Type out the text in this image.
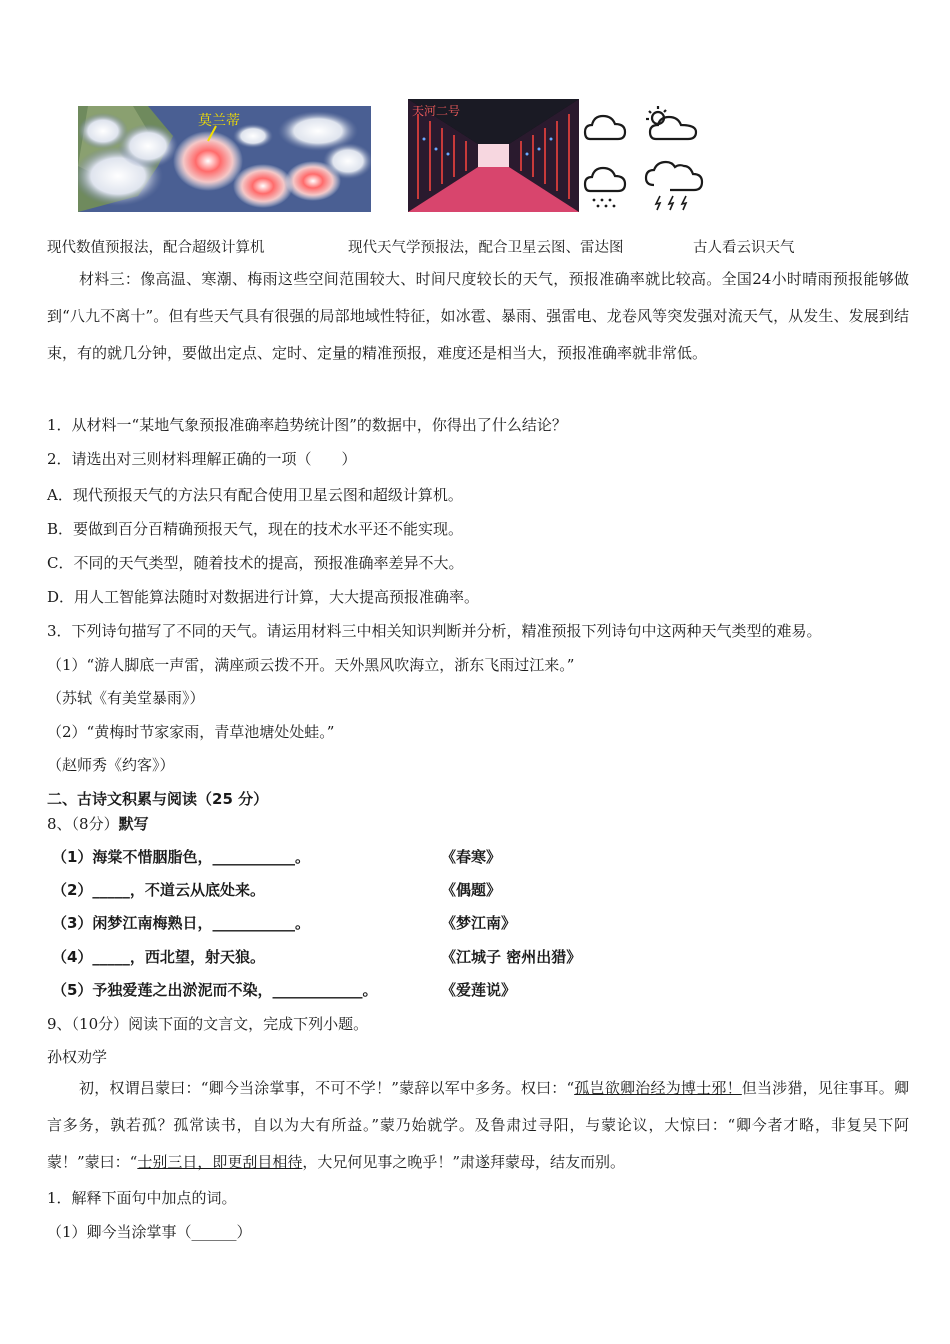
莫兰蒂
天河二号
现代数值预报法，配合超级计算机	现代天气学预报法，配合卫星云图、雷达图	古人看云识天气
材料三：像高温、寒潮、梅雨这些空间范围较大、时间尺度较长的天气，预报准确率就比较高。全国24小时晴雨预报能够做到“八九不离十”。但有些天气具有很强的局部地域性特征，如冰雹、暴雨、强雷电、龙卷风等突发强对流天气，从发生、发展到结束，有的就几分钟，要做出定点、定时、定量的精准预报，难度还是相当大，预报准确率就非常低。
1．从材料一“某地气象预报准确率趋势统计图”的数据中，你得出了什么结论？
2．请选出对三则材料理解正确的一项（　　）
A．现代预报天气的方法只有配合使用卫星云图和超级计算机。
B．要做到百分百精确预报天气，现在的技术水平还不能实现。
C．不同的天气类型，随着技术的提高，预报准确率差异不大。
D．用人工智能算法随时对数据进行计算，大大提高预报准确率。
3．下列诗句描写了不同的天气。请运用材料三中相关知识判断并分析，精准预报下列诗句中这两种天气类型的难易。
（1）“游人脚底一声雷，满座顽云拨不开。天外黑风吹海立，浙东飞雨过江来。”
（苏轼《有美堂暴雨》）
（2）“黄梅时节家家雨，青草池塘处处蛙。”
（赵师秀《约客》）
二、古诗文积累与阅读（25 分）
8、（8分）默写
（1）海棠不惜胭脂色，___________。	《春寒》
（2）_____，不道云从底处来。	《偶题》
（3）闲梦江南梅熟日，___________。	《梦江南》
（4）_____，西北望，射天狼。	《江城子 密州出猎》
（5）予独爱莲之出淤泥而不染，____________。	《爱莲说》
9、（10分）阅读下面的文言文，完成下列小题。
孙权劝学
初，权谓吕蒙曰：“卿今当涂掌事，不可不学！”蒙辞以军中多务。权曰：“孤岂欲卿治经为博士邪！但当涉猎，见往事耳。卿言多务，孰若孤？孤常读书，自以为大有所益。”蒙乃始就学。及鲁肃过寻阳，与蒙论议，大惊曰：“卿今者才略，非复吴下阿蒙！”蒙曰：“士别三日，即更刮目相待，大兄何见事之晚乎！”肃遂拜蒙母，结友而别。
1．解释下面句中加点的词。
（1）卿今当涂掌事（______）
